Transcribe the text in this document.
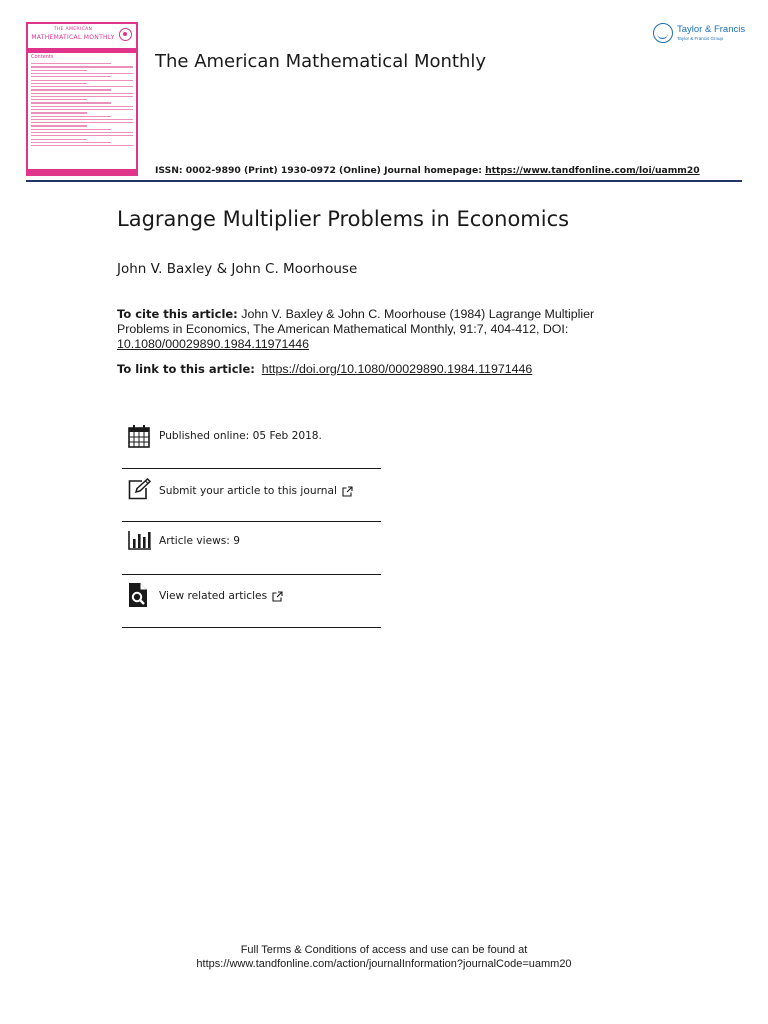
THE AMERICAN
MATHEMATICAL MONTHLY
Contents	The American Mathematical Monthly
Taylor & Francis
Taylor & Francis Group
ISSN: 0002-9890 (Print) 1930-0972 (Online) Journal homepage: https://www.tandfonline.com/loi/uamm20
Lagrange Multiplier Problems in Economics
John V. Baxley & John C. Moorhouse
To cite this article: John V. Baxley & John C. Moorhouse (1984) Lagrange Multiplier Problems in Economics, The American Mathematical Monthly, 91:7, 404-412, DOI: 10.1080/00029890.1984.11971446
To link to this article: https://doi.org/10.1080/00029890.1984.11971446
Published online: 05 Feb 2018.
Submit your article to this journal
Article views: 9
View related articles
Full Terms & Conditions of access and use can be found at
https://www.tandfonline.com/action/journalInformation?journalCode=uamm20
